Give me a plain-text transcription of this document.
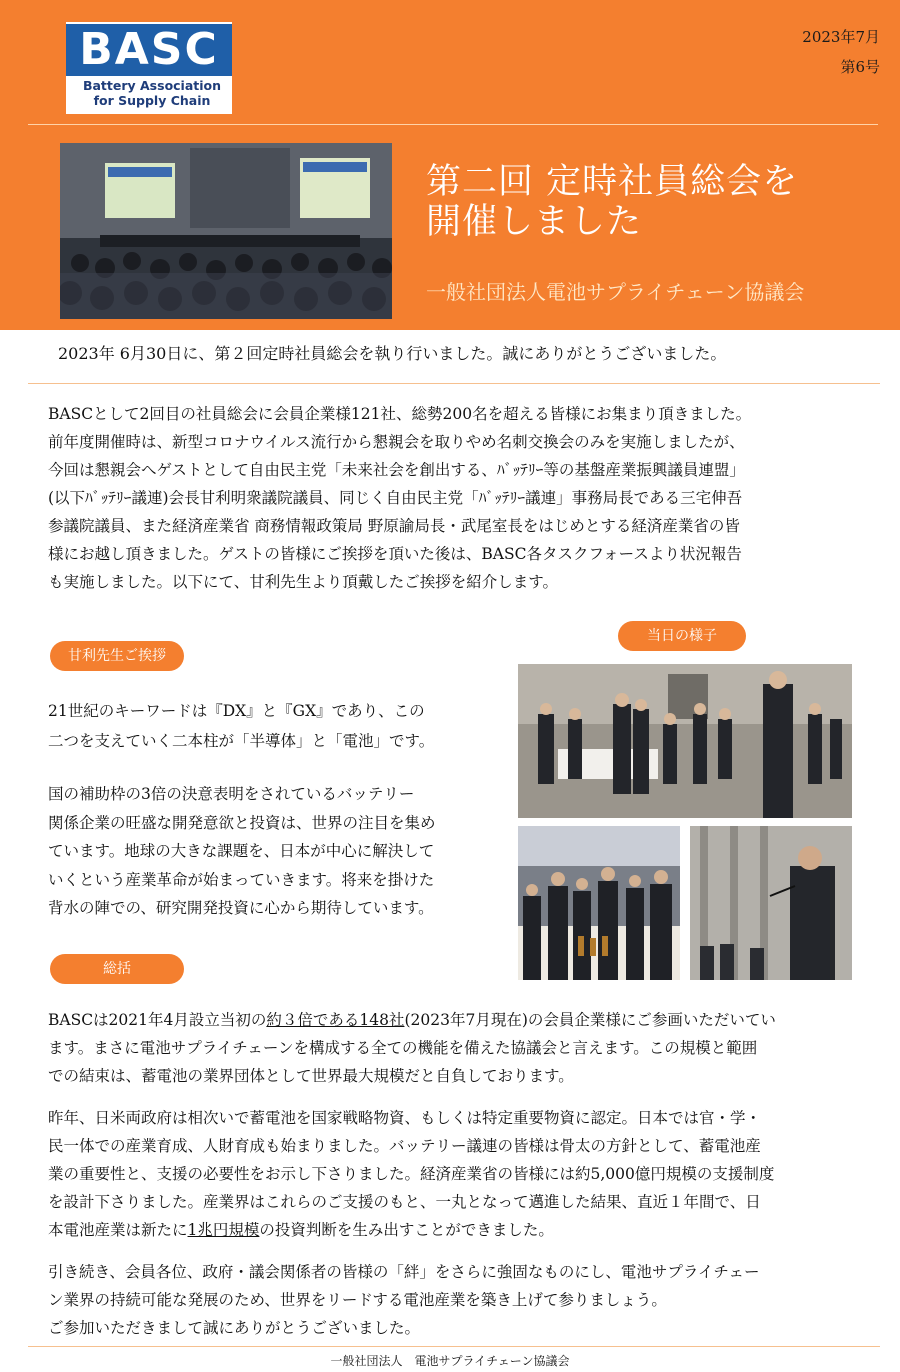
BASC
Battery Association
for Supply Chain
2023年7月
第6号
第二回 定時社員総会を
開催しました
一般社団法人電池サプライチェーン協議会
2023年 6月30日に、第２回定時社員総会を執り行いました。誠にありがとうございました。
BASCとして2回目の社員総会に会員企業様121社、総勢200名を超える皆様にお集まり頂きました。
前年度開催時は、新型コロナウイルス流行から懇親会を取りやめ名刺交換会のみを実施しましたが、
今回は懇親会へゲストとして自由民主党「未来社会を創出する、ﾊﾞｯﾃﾘｰ等の基盤産業振興議員連盟」
(以下ﾊﾞｯﾃﾘｰ議連)会長甘利明衆議院議員、同じく自由民主党「ﾊﾞｯﾃﾘｰ議連」事務局長である三宅伸吾
参議院議員、また経済産業省 商務情報政策局 野原諭局長・武尾室長をはじめとする経済産業省の皆
様にお越し頂きました。ゲストの皆様にご挨拶を頂いた後は、BASC各タスクフォースより状況報告
も実施しました。以下にて、甘利先生より頂戴したご挨拶を紹介します。
甘利先生ご挨拶
当日の様子
21世紀のキーワードは『DX』と『GX』であり、この
二つを支えていく二本柱が「半導体」と「電池」です。
国の補助枠の3倍の決意表明をされているバッテリー
関係企業の旺盛な開発意欲と投資は、世界の注目を集め
ています。地球の大きな課題を、日本が中心に解決して
いくという産業革命が始まっていきます。将来を掛けた
背水の陣での、研究開発投資に心から期待しています。
総括
BASCは2021年4月設立当初の約３倍である148社(2023年7月現在)の会員企業様にご参画いただいてい
ます。まさに電池サプライチェーンを構成する全ての機能を備えた協議会と言えます。この規模と範囲
での結束は、蓄電池の業界団体として世界最大規模だと自負しております。
昨年、日米両政府は相次いで蓄電池を国家戦略物資、もしくは特定重要物資に認定。日本では官・学・
民一体での産業育成、人財育成も始まりました。バッテリー議連の皆様は骨太の方針として、蓄電池産
業の重要性と、支援の必要性をお示し下さりました。経済産業省の皆様には約5,000億円規模の支援制度
を設計下さりました。産業界はこれらのご支援のもと、一丸となって邁進した結果、直近１年間で、日
本電池産業は新たに1兆円規模の投資判断を生み出すことができました。
引き続き、会員各位、政府・議会関係者の皆様の「絆」をさらに強固なものにし、電池サプライチェー
ン業界の持続可能な発展のため、世界をリードする電池産業を築き上げて参りましょう。
ご参加いただきまして誠にありがとうございました。
一般社団法人　電池サプライチェーン協議会
